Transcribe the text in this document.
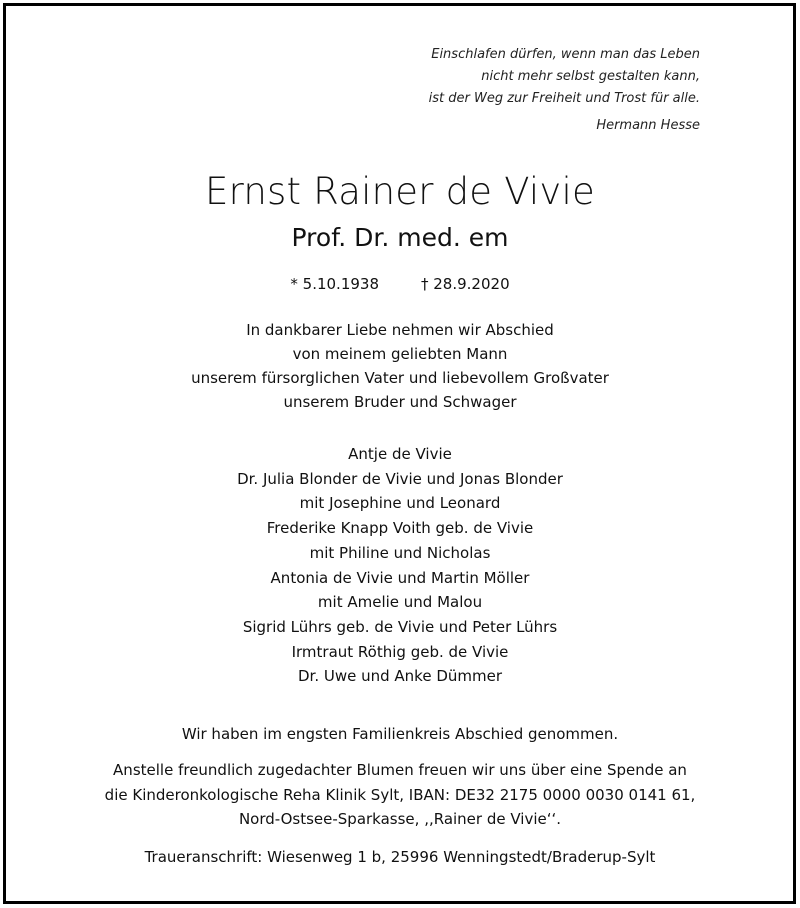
Einschlafen dürfen, wenn man das Leben
nicht mehr selbst gestalten kann,
ist der Weg zur Freiheit und Trost für alle.
Hermann Hesse
Ernst Rainer de Vivie
Prof. Dr. med. em
* 5.10.1938	† 28.9.2020
In dankbarer Liebe nehmen wir Abschied
von meinem geliebten Mann
unserem fürsorglichen Vater und liebevollem Großvater
unserem Bruder und Schwager
Antje de Vivie
Dr. Julia Blonder de Vivie und Jonas Blonder
mit Josephine und Leonard
Frederike Knapp Voith geb. de Vivie
mit Philine und Nicholas
Antonia de Vivie und Martin Möller
mit Amelie und Malou
Sigrid Lührs geb. de Vivie und Peter Lührs
Irmtraut Röthig geb. de Vivie
Dr. Uwe und Anke Dümmer
Wir haben im engsten Familienkreis Abschied genommen.
Anstelle freundlich zugedachter Blumen freuen wir uns über eine Spende an
die Kinderonkologische Reha Klinik Sylt, IBAN: DE32 2175 0000 0030 0141 61,
Nord-Ostsee-Sparkasse, ,,Rainer de Vivie‘‘.
Traueranschrift: Wiesenweg 1 b, 25996 Wenningstedt/Braderup-Sylt
